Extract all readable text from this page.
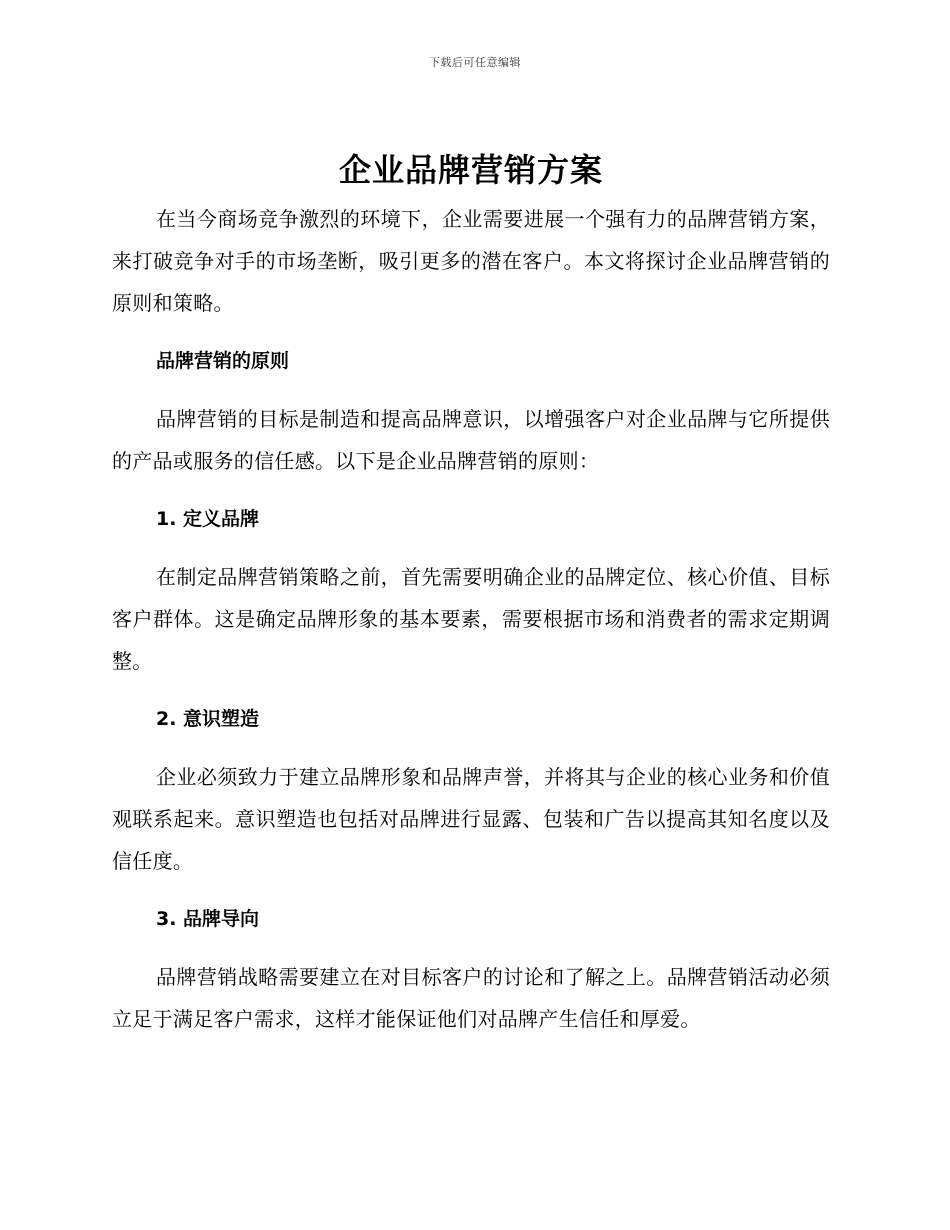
下载后可任意编辑
企业品牌营销方案

在当今商场竞争激烈的环境下，企业需要进展一个强有力的品牌营销方案，来打破竞争对手的市场垄断，吸引更多的潜在客户。本文将探讨企业品牌营销的原则和策略。

品牌营销的原则

品牌营销的目标是制造和提高品牌意识，以增强客户对企业品牌与它所提供的产品或服务的信任感。以下是企业品牌营销的原则：

1. 定义品牌

在制定品牌营销策略之前，首先需要明确企业的品牌定位、核心价值、目标客户群体。这是确定品牌形象的基本要素，需要根据市场和消费者的需求定期调整。

2. 意识塑造

企业必须致力于建立品牌形象和品牌声誉，并将其与企业的核心业务和价值观联系起来。意识塑造也包括对品牌进行显露、包装和广告以提高其知名度以及信任度。

3. 品牌导向

品牌营销战略需要建立在对目标客户的讨论和了解之上。品牌营销活动必须立足于满足客户需求，这样才能保证他们对品牌产生信任和厚爱。
